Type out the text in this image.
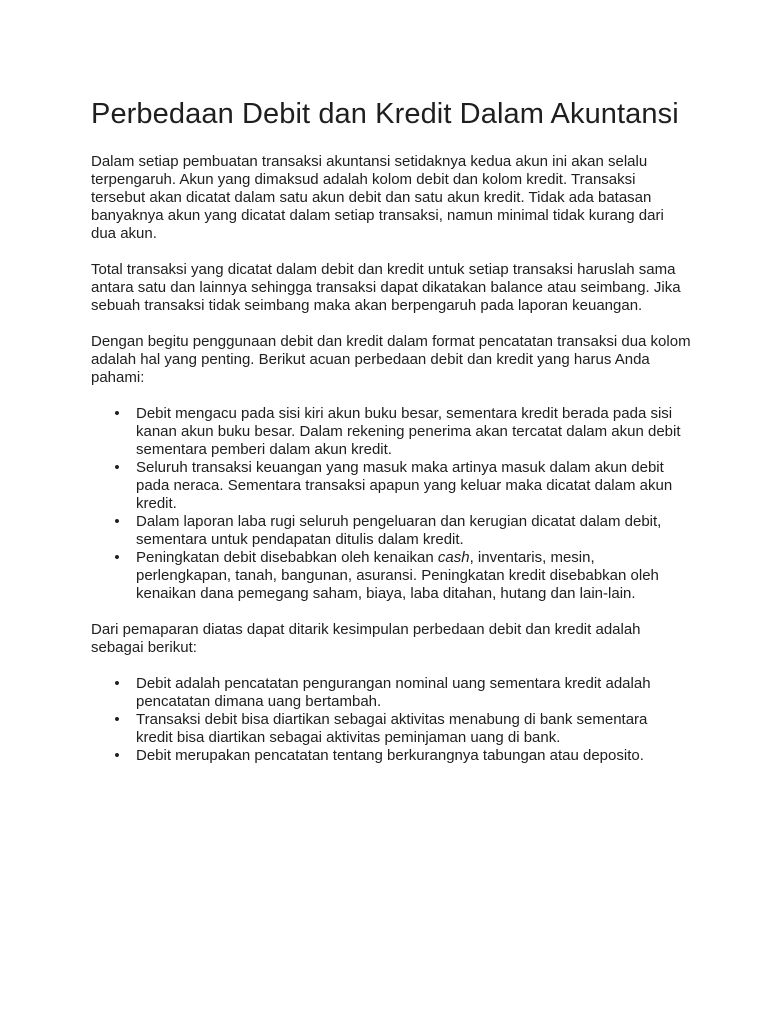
Perbedaan Debit dan Kredit Dalam Akuntansi

Dalam setiap pembuatan transaksi akuntansi setidaknya kedua akun ini akan selalu terpengaruh. Akun yang dimaksud adalah kolom debit dan kolom kredit. Transaksi tersebut akan dicatat dalam satu akun debit dan satu akun kredit. Tidak ada batasan banyaknya akun yang dicatat dalam setiap transaksi, namun minimal tidak kurang dari dua akun.

Total transaksi yang dicatat dalam debit dan kredit untuk setiap transaksi haruslah sama antara satu dan lainnya sehingga transaksi dapat dikatakan balance atau seimbang. Jika sebuah transaksi tidak seimbang maka akan berpengaruh pada laporan keuangan.

Dengan begitu penggunaan debit dan kredit dalam format pencatatan transaksi dua kolom adalah hal yang penting. Berikut acuan perbedaan debit dan kredit yang harus Anda pahami:

• Debit mengacu pada sisi kiri akun buku besar, sementara kredit berada pada sisi kanan akun buku besar. Dalam rekening penerima akan tercatat dalam akun debit sementara pemberi dalam akun kredit.
• Seluruh transaksi keuangan yang masuk maka artinya masuk dalam akun debit pada neraca. Sementara transaksi apapun yang keluar maka dicatat dalam akun kredit.
• Dalam laporan laba rugi seluruh pengeluaran dan kerugian dicatat dalam debit, sementara untuk pendapatan ditulis dalam kredit.
• Peningkatan debit disebabkan oleh kenaikan cash, inventaris, mesin, perlengkapan, tanah, bangunan, asuransi. Peningkatan kredit disebabkan oleh kenaikan dana pemegang saham, biaya, laba ditahan, hutang dan lain-lain.

Dari pemaparan diatas dapat ditarik kesimpulan perbedaan debit dan kredit adalah sebagai berikut:

• Debit adalah pencatatan pengurangan nominal uang sementara kredit adalah pencatatan dimana uang bertambah.
• Transaksi debit bisa diartikan sebagai aktivitas menabung di bank sementara kredit bisa diartikan sebagai aktivitas peminjaman uang di bank.
• Debit merupakan pencatatan tentang berkurangnya tabungan atau deposito.
